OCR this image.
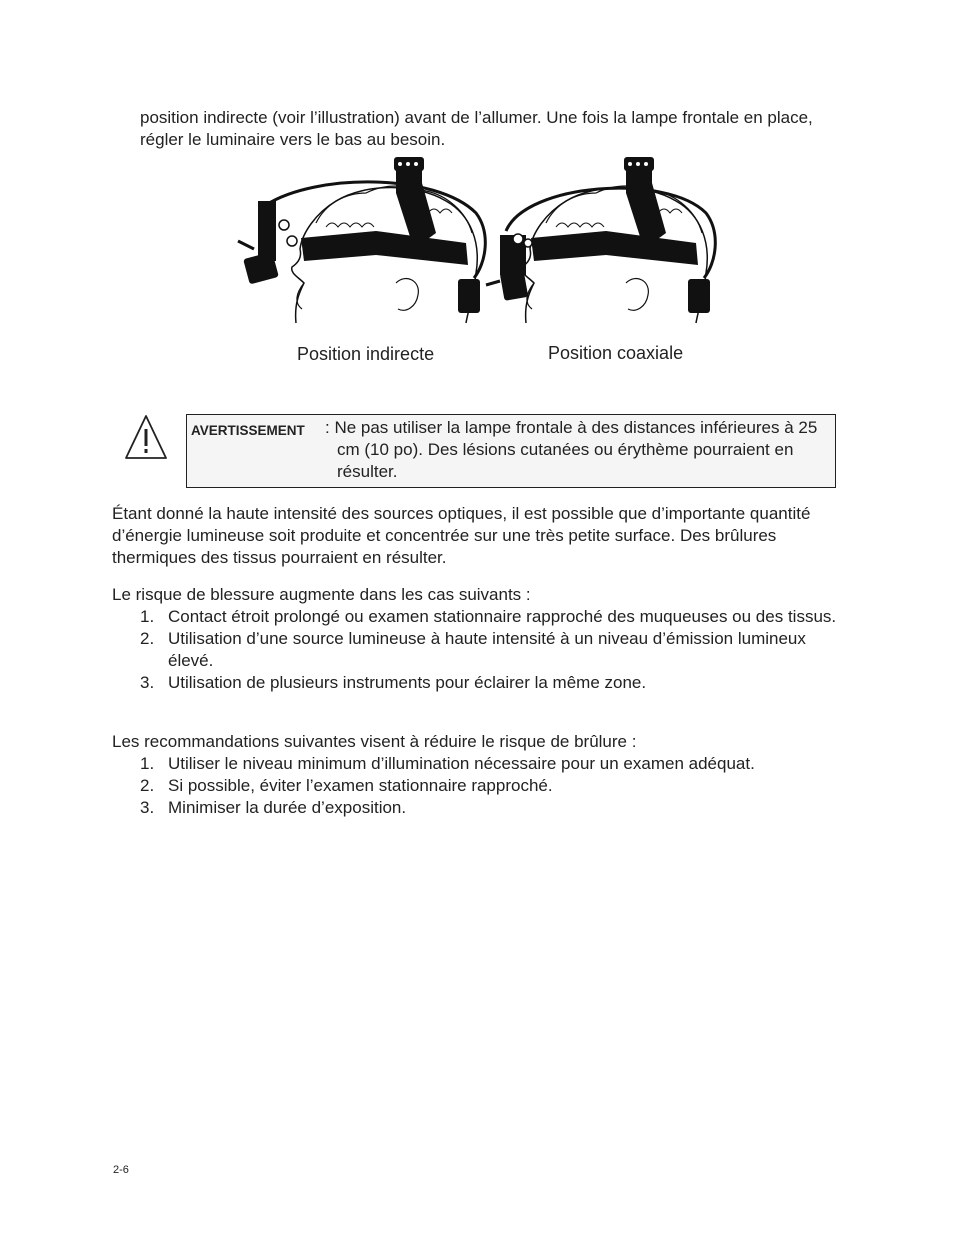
position indirecte (voir l’illustration) avant de l’allumer. Une fois la lampe frontale en place, régler le luminaire vers le bas au besoin.
Position indirecte	Position coaxiale
AVERTISSEMENT : Ne pas utiliser la lampe frontale à des distances inférieures à 25 cm (10 po). Des lésions cutanées ou érythème pourraient en résulter.
Étant donné la haute intensité des sources optiques, il est possible que d’importante quantité d’énergie lumineuse soit produite et concentrée sur une très petite surface. Des brûlures thermiques des tissus pourraient en résulter.
Le risque de blessure augmente dans les cas suivants :
1. Contact étroit prolongé ou examen stationnaire rapproché des muqueuses ou des tissus.
2. Utilisation d’une source lumineuse à haute intensité à un niveau d’émission lumineux élevé.
3. Utilisation de plusieurs instruments pour éclairer la même zone.
Les recommandations suivantes visent à réduire le risque de brûlure :
1. Utiliser le niveau minimum d’illumination nécessaire pour un examen adéquat.
2. Si possible, éviter l’examen stationnaire rapproché.
3. Minimiser la durée d’exposition.
2-6
